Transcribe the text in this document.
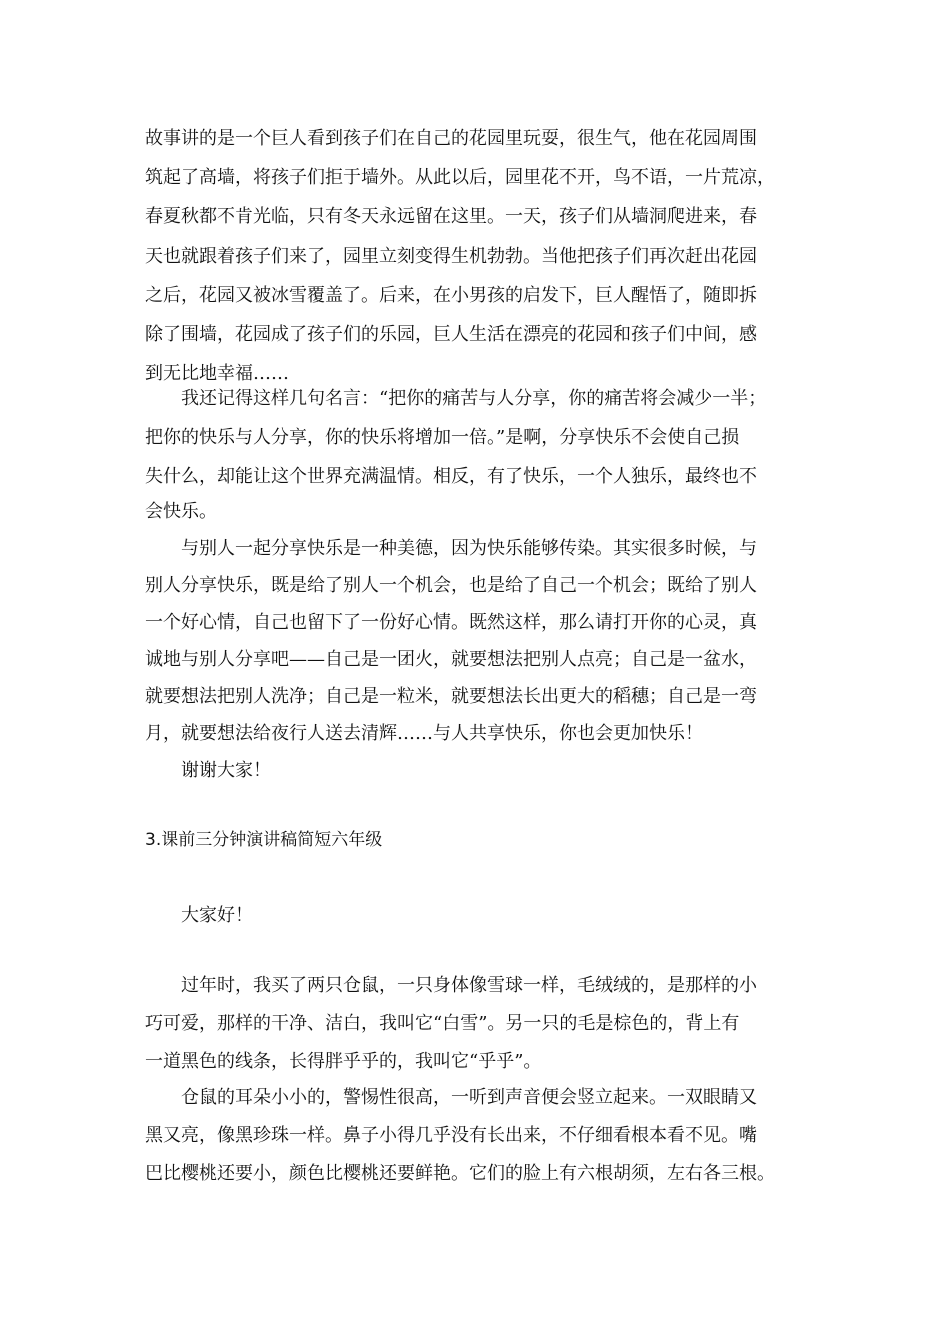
故事讲的是一个巨人看到孩子们在自己的花园里玩耍，很生气，他在花园周围
筑起了高墙，将孩子们拒于墙外。从此以后，园里花不开，鸟不语，一片荒凉，
春夏秋都不肯光临，只有冬天永远留在这里。一天，孩子们从墙洞爬进来，春
天也就跟着孩子们来了，园里立刻变得生机勃勃。当他把孩子们再次赶出花园
之后，花园又被冰雪覆盖了。后来，在小男孩的启发下，巨人醒悟了，随即拆
除了围墙，花园成了孩子们的乐园，巨人生活在漂亮的花园和孩子们中间，感
到无比地幸福……
我还记得这样几句名言：“把你的痛苦与人分享，你的痛苦将会减少一半；
把你的快乐与人分享，你的快乐将增加一倍。”是啊，分享快乐不会使自己损
失什么，却能让这个世界充满温情。相反，有了快乐，一个人独乐，最终也不
会快乐。
与别人一起分享快乐是一种美德，因为快乐能够传染。其实很多时候，与
别人分享快乐，既是给了别人一个机会，也是给了自己一个机会；既给了别人
一个好心情，自己也留下了一份好心情。既然这样，那么请打开你的心灵，真
诚地与别人分享吧——自己是一团火，就要想法把别人点亮；自己是一盆水，
就要想法把别人洗净；自己是一粒米，就要想法长出更大的稻穗；自己是一弯
月，就要想法给夜行人送去清辉……与人共享快乐，你也会更加快乐！
谢谢大家！
3.课前三分钟演讲稿简短六年级
大家好！
过年时，我买了两只仓鼠，一只身体像雪球一样，毛绒绒的，是那样的小
巧可爱，那样的干净、洁白，我叫它“白雪”。另一只的毛是棕色的，背上有
一道黑色的线条，长得胖乎乎的，我叫它“乎乎”。
仓鼠的耳朵小小的，警惕性很高，一听到声音便会竖立起来。一双眼睛又
黑又亮，像黑珍珠一样。鼻子小得几乎没有长出来，不仔细看根本看不见。嘴
巴比樱桃还要小，颜色比樱桃还要鲜艳。它们的脸上有六根胡须，左右各三根。
